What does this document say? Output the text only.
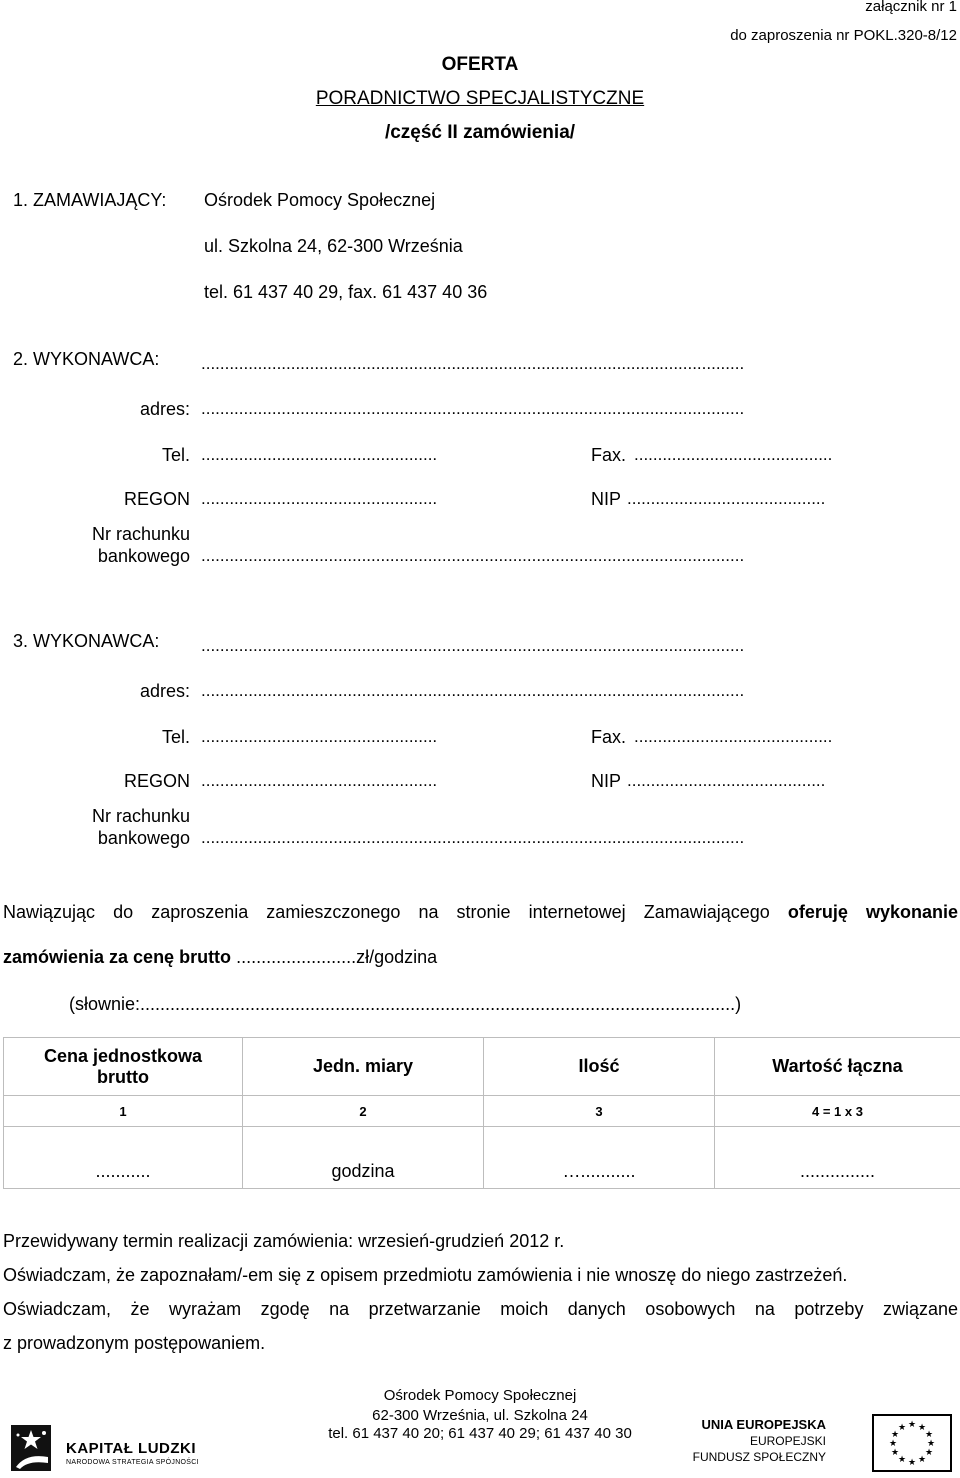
załącznik nr 1
do zaproszenia nr POKL.320-8/12
OFERTA
PORADNICTWO SPECJALISTYCZNE
/część II zamówienia/
1. ZAMAWIAJĄCY: Ośrodek Pomocy Społecznej
ul. Szkolna 24, 62-300 Września
tel. 61 437 40 29, fax. 61 437 40 36
2. WYKONAWCA: ...................................................................................................................
adres: ...................................................................................................................
Tel. ..................................................	Fax. ..........................................
REGON ..................................................	NIP ..........................................
Nr rachunku
bankowego ...................................................................................................................
3. WYKONAWCA: ...................................................................................................................
adres: ...................................................................................................................
Tel. ..................................................	Fax. ..........................................
REGON ..................................................	NIP ..........................................
Nr rachunku
bankowego ...................................................................................................................
Nawiązując do zaproszenia zamieszczonego na stronie internetowej Zamawiającego oferuję wykonanie
zamówienia za cenę brutto ........................zł/godzina
(słownie:.......................................................................................................................)
Cena jednostkowa brutto	Jedn. miary	Ilość	Wartość łączna
1	2	3	4 = 1 x 3
...........	godzina	…...........	...............
Przewidywany termin realizacji zamówienia: wrzesień-grudzień 2012 r.
Oświadczam, że zapoznałam/-em się z opisem przedmiotu zamówienia i nie wnoszę do niego zastrzeżeń.
Oświadczam, że wyrażam zgodę na przetwarzanie moich danych osobowych na potrzeby związane
z prowadzonym postępowaniem.
Ośrodek Pomocy Społecznej
62-300 Września, ul. Szkolna 24
tel. 61 437 40 20; 61 437 40 29; 61 437 40 30
KAPITAŁ LUDZKI
NARODOWA STRATEGIA SPÓJNOŚCI
UNIA EUROPEJSKA
EUROPEJSKI
FUNDUSZ SPOŁECZNY
★ ★
★
★
★
★
★
★
★
★
★
★
